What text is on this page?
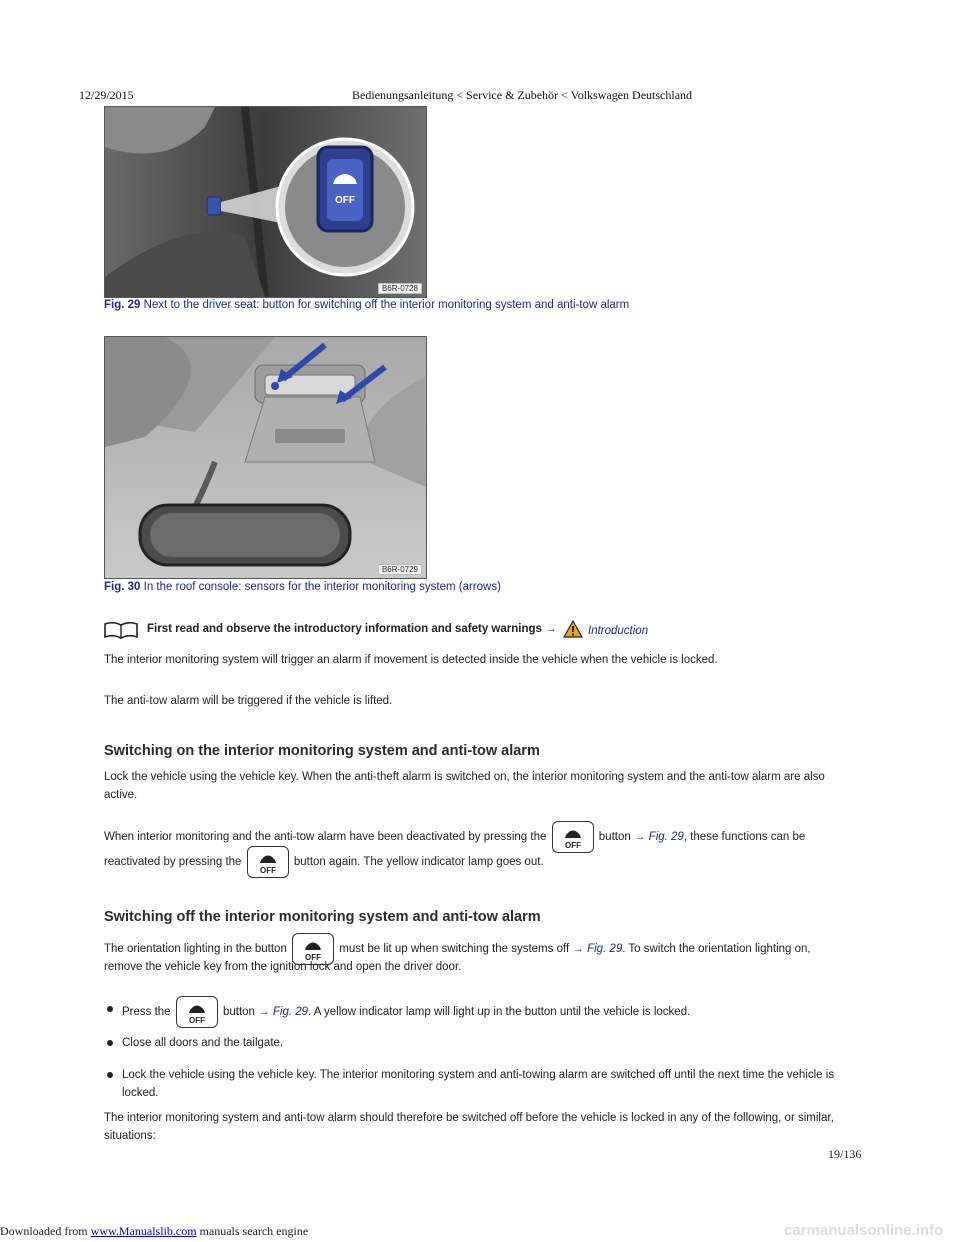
12/29/2015	Bedienungsanleitung < Service & Zubehör < Volkswagen Deutschland
OFF
B6R-0728
Fig. 29 Next to the driver seat: button for switching off the interior monitoring system and anti-tow alarm
B6R-0729
Fig. 30 In the roof console: sensors for the interior monitoring system (arrows)
First read and observe the introductory information and safety warnings →	Introduction
The interior monitoring system will trigger an alarm if movement is detected inside the vehicle when the vehicle is locked.
The anti-tow alarm will be triggered if the vehicle is lifted.
Switching on the interior monitoring system and anti-tow alarm
Lock the vehicle using the vehicle key. When the anti-theft alarm is switched on, the interior monitoring system and the anti-tow alarm are also
active.
When interior monitoring and the anti-tow alarm have been deactivated by pressing the
OFF
button → Fig. 29, these functions can be
reactivated by pressing the
OFF
button again. The yellow indicator lamp goes out.
Switching off the interior monitoring system and anti-tow alarm
The orientation lighting in the button
OFF
must be lit up when switching the systems off → Fig. 29. To switch the orientation lighting on,
remove the vehicle key from the ignition lock and open the driver door.
Press the
OFF
button → Fig. 29. A yellow indicator lamp will light up in the button until the vehicle is locked.
Close all doors and the tailgate.
Lock the vehicle using the vehicle key. The interior monitoring system and anti-towing alarm are switched off until the next time the vehicle is
locked.
The interior monitoring system and anti-tow alarm should therefore be switched off before the vehicle is locked in any of the following, or similar,
situations:
19/136
Downloaded from www.Manualslib.com manuals search engine	carmanualsonline.info
